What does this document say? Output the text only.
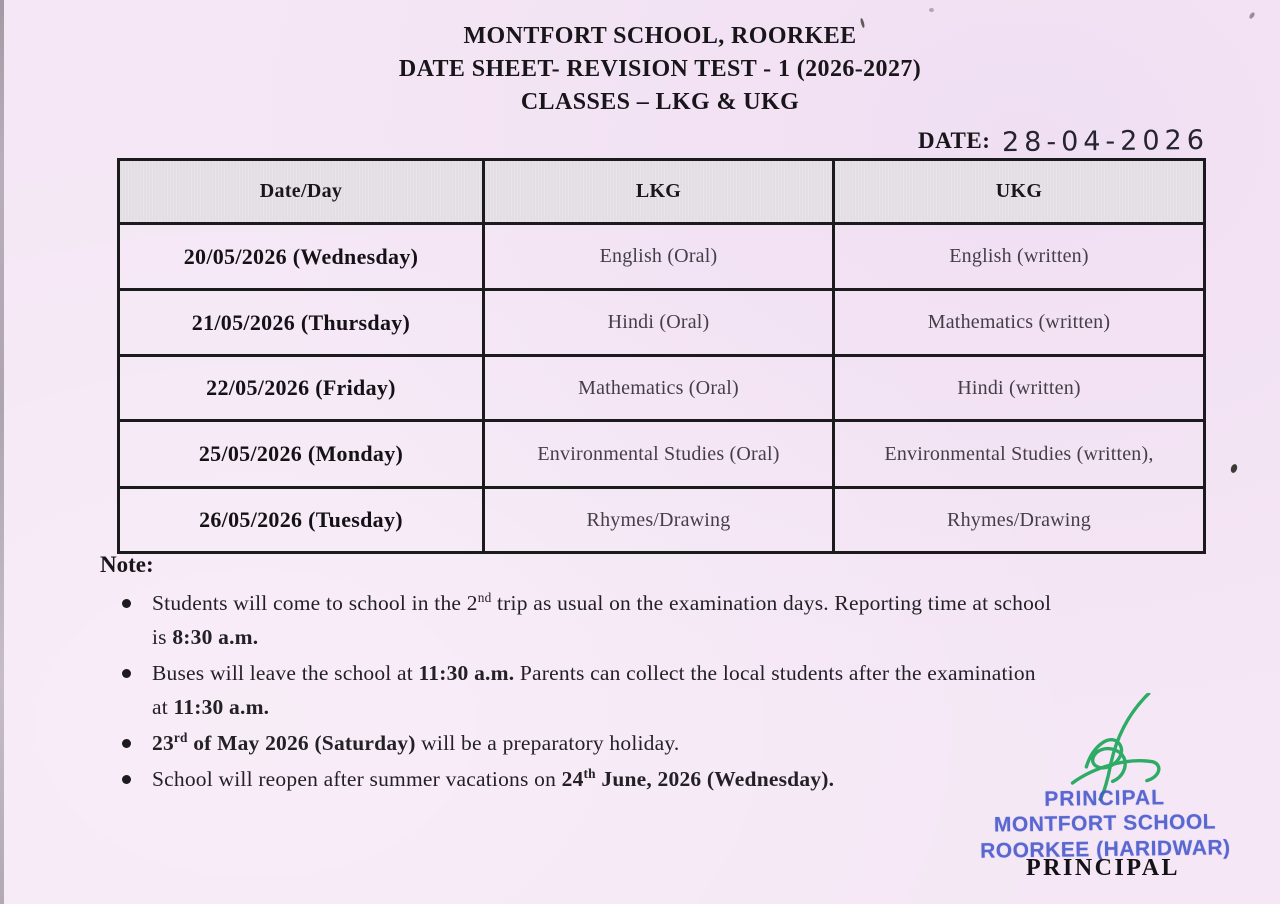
MONTFORT SCHOOL, ROORKEE
DATE SHEET- REVISION TEST - 1 (2026-2027)
CLASSES – LKG & UKG
DATE: 28-04-2026
Date/Day	LKG	UKG
20/05/2026 (Wednesday)	English (Oral)	English (written)
21/05/2026 (Thursday)	Hindi (Oral)	Mathematics (written)
22/05/2026 (Friday)	Mathematics (Oral)	Hindi (written)
25/05/2026 (Monday)	Environmental Studies (Oral)	Environmental Studies (written),
26/05/2026 (Tuesday)	Rhymes/Drawing	Rhymes/Drawing
Note:
Students will come to school in the 2nd trip as usual on the examination days. Reporting time at school
is 8:30 a.m.
Buses will leave the school at 11:30 a.m. Parents can collect the local students after the examination
at 11:30 a.m.
23rd of May 2026 (Saturday) will be a preparatory holiday.
School will reopen after summer vacations on 24th June, 2026 (Wednesday).
PRINCIPAL
MONTFORT SCHOOL
ROORKEE (HARIDWAR)
PRINCIPAL
